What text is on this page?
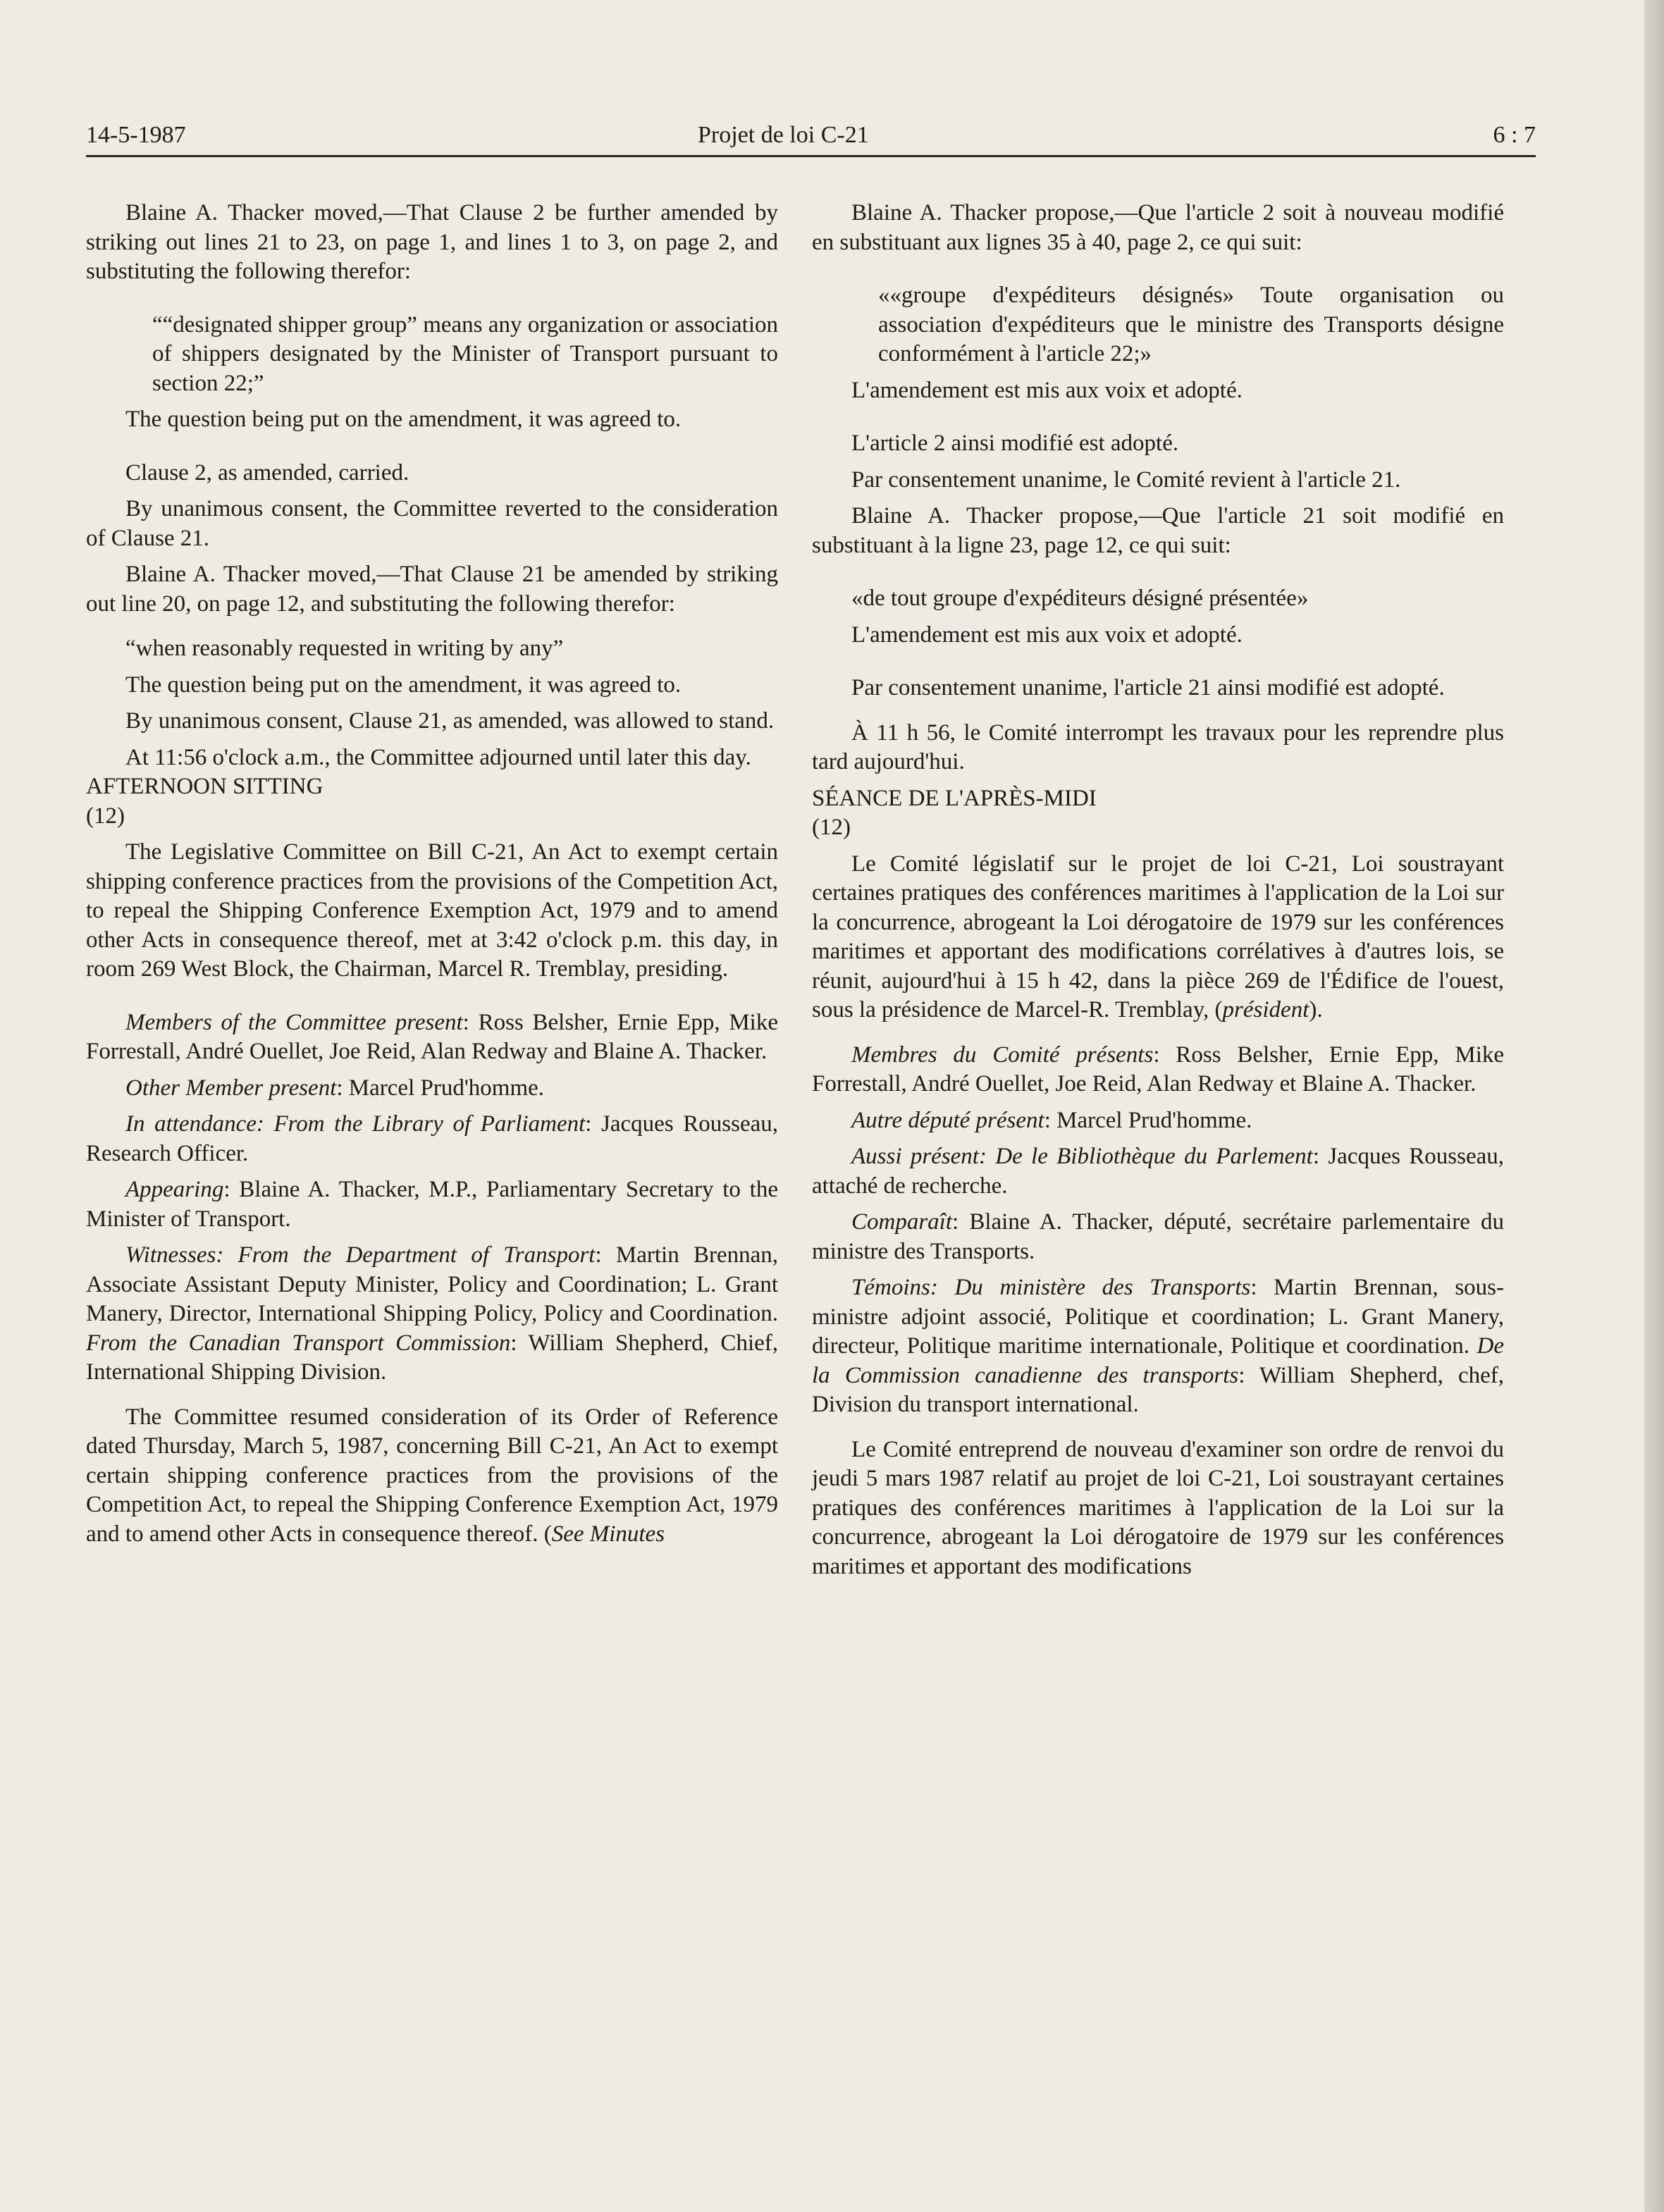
14-5-1987	Projet de loi C-21	6 : 7

Blaine A. Thacker moved,—That Clause 2 be further amended by striking out lines 21 to 23, on page 1, and lines 1 to 3, on page 2, and substituting the following therefor:

““designated shipper group” means any organization or association of shippers designated by the Minister of Transport pursuant to section 22;”

The question being put on the amendment, it was agreed to.

Clause 2, as amended, carried.

By unanimous consent, the Committee reverted to the consideration of Clause 21.

Blaine A. Thacker moved,—That Clause 21 be amended by striking out line 20, on page 12, and substituting the following therefor:

“when reasonably requested in writing by any”

The question being put on the amendment, it was agreed to.

By unanimous consent, Clause 21, as amended, was allowed to stand.

At 11:56 o'clock a.m., the Committee adjourned until later this day.

AFTERNOON SITTING

(12)

The Legislative Committee on Bill C-21, An Act to exempt certain shipping conference practices from the provisions of the Competition Act, to repeal the Shipping Conference Exemption Act, 1979 and to amend other Acts in consequence thereof, met at 3:42 o'clock p.m. this day, in room 269 West Block, the Chairman, Marcel R. Tremblay, presiding.

Members of the Committee present: Ross Belsher, Ernie Epp, Mike Forrestall, André Ouellet, Joe Reid, Alan Redway and Blaine A. Thacker.

Other Member present: Marcel Prud'homme.

In attendance: From the Library of Parliament: Jacques Rousseau, Research Officer.

Appearing: Blaine A. Thacker, M.P., Parliamentary Secretary to the Minister of Transport.

Witnesses: From the Department of Transport: Martin Brennan, Associate Assistant Deputy Minister, Policy and Coordination; L. Grant Manery, Director, International Shipping Policy, Policy and Coordination. From the Canadian Transport Commission: William Shepherd, Chief, International Shipping Division.

The Committee resumed consideration of its Order of Reference dated Thursday, March 5, 1987, concerning Bill C-21, An Act to exempt certain shipping conference practices from the provisions of the Competition Act, to repeal the Shipping Conference Exemption Act, 1979 and to amend other Acts in consequence thereof. (See Minutes

Blaine A. Thacker propose,—Que l'article 2 soit à nouveau modifié en substituant aux lignes 35 à 40, page 2, ce qui suit:

««groupe d'expéditeurs désignés» Toute organisation ou association d'expéditeurs que le ministre des Transports désigne conformément à l'article 22;»

L'amendement est mis aux voix et adopté.

L'article 2 ainsi modifié est adopté.

Par consentement unanime, le Comité revient à l'article 21.

Blaine A. Thacker propose,—Que l'article 21 soit modifié en substituant à la ligne 23, page 12, ce qui suit:

«de tout groupe d'expéditeurs désigné présentée»

L'amendement est mis aux voix et adopté.

Par consentement unanime, l'article 21 ainsi modifié est adopté.

À 11 h 56, le Comité interrompt les travaux pour les reprendre plus tard aujourd'hui.

SÉANCE DE L'APRÈS-MIDI

(12)

Le Comité législatif sur le projet de loi C-21, Loi soustrayant certaines pratiques des conférences maritimes à l'application de la Loi sur la concurrence, abrogeant la Loi dérogatoire de 1979 sur les conférences maritimes et apportant des modifications corrélatives à d'autres lois, se réunit, aujourd'hui à 15 h 42, dans la pièce 269 de l'Édifice de l'ouest, sous la présidence de Marcel-R. Tremblay, (président).

Membres du Comité présents: Ross Belsher, Ernie Epp, Mike Forrestall, André Ouellet, Joe Reid, Alan Redway et Blaine A. Thacker.

Autre député présent: Marcel Prud'homme.

Aussi présent: De le Bibliothèque du Parlement: Jacques Rousseau, attaché de recherche.

Comparaît: Blaine A. Thacker, député, secrétaire parlementaire du ministre des Transports.

Témoins: Du ministère des Transports: Martin Brennan, sous-ministre adjoint associé, Politique et coordination; L. Grant Manery, directeur, Politique maritime internationale, Politique et coordination. De la Commission canadienne des transports: William Shepherd, chef, Division du transport international.

Le Comité entreprend de nouveau d'examiner son ordre de renvoi du jeudi 5 mars 1987 relatif au projet de loi C-21, Loi soustrayant certaines pratiques des conférences maritimes à l'application de la Loi sur la concurrence, abrogeant la Loi dérogatoire de 1979 sur les conférences maritimes et apportant des modifications
